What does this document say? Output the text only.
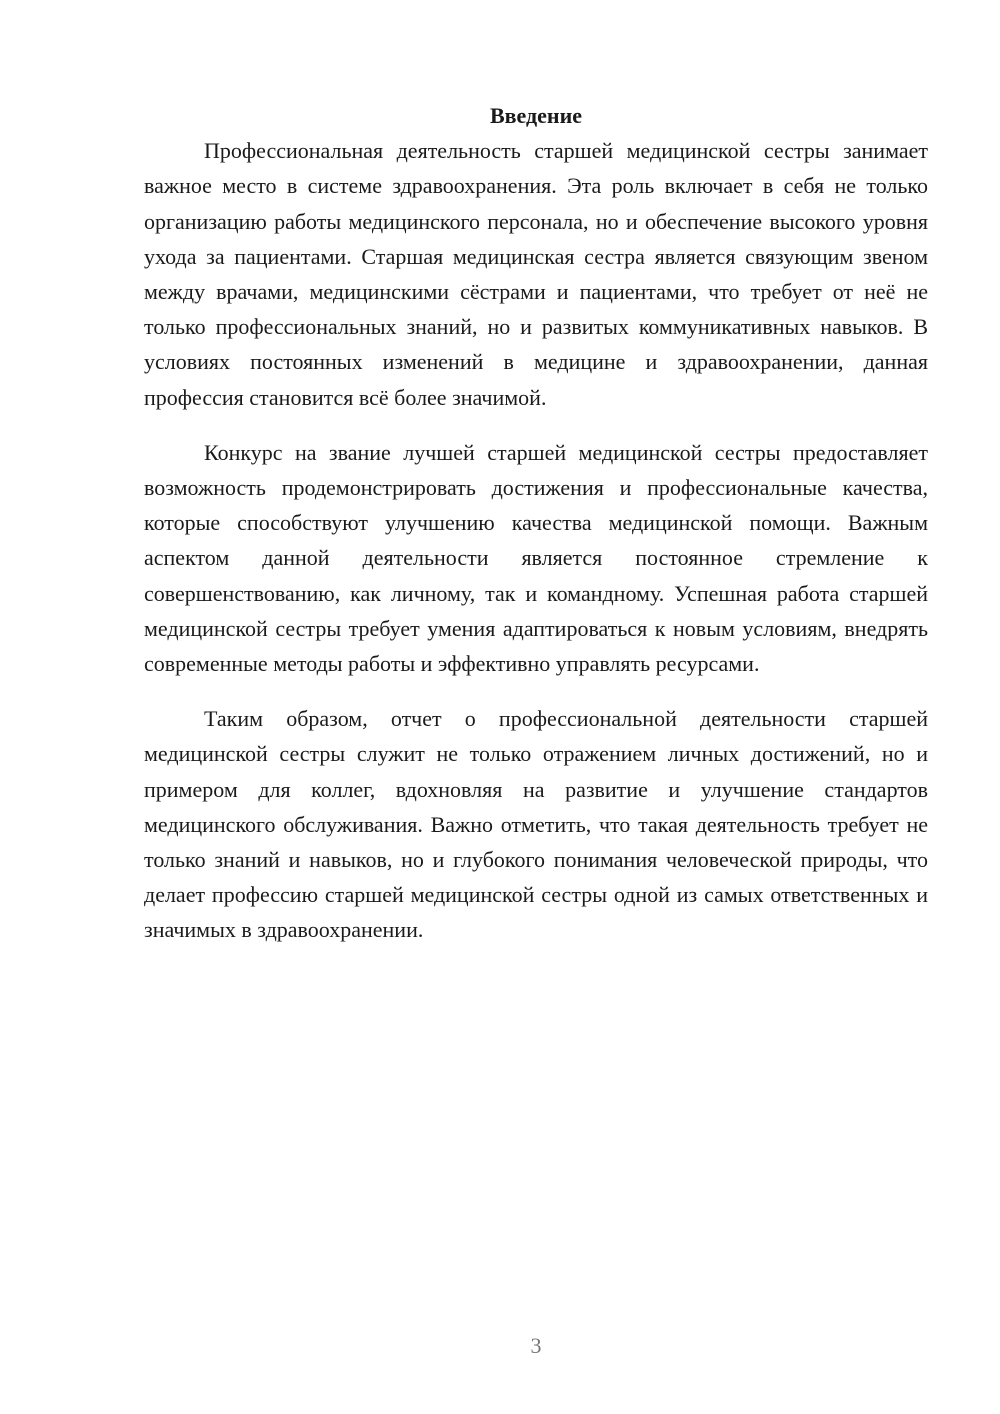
Введение

Профессиональная деятельность старшей медицинской сестры занимает важное место в системе здравоохранения. Эта роль включает в себя не только организацию работы медицинского персонала, но и обеспечение высокого уровня ухода за пациентами. Старшая медицинская сестра является связующим звеном между врачами, медицинскими сёстрами и пациентами, что требует от неё не только профессиональных знаний, но и развитых коммуникативных навыков. В условиях постоянных изменений в медицине и здравоохранении, данная профессия становится всё более значимой.

Конкурс на звание лучшей старшей медицинской сестры предоставляет возможность продемонстрировать достижения и профессиональные качества, которые способствуют улучшению качества медицинской помощи. Важным аспектом данной деятельности является постоянное стремление к совершенствованию, как личному, так и командному. Успешная работа старшей медицинской сестры требует умения адаптироваться к новым условиям, внедрять современные методы работы и эффективно управлять ресурсами.

Таким образом, отчет о профессиональной деятельности старшей медицинской сестры служит не только отражением личных достижений, но и примером для коллег, вдохновляя на развитие и улучшение стандартов медицинского обслуживания. Важно отметить, что такая деятельность требует не только знаний и навыков, но и глубокого понимания человеческой природы, что делает профессию старшей медицинской сестры одной из самых ответственных и значимых в здравоохранении.

3
